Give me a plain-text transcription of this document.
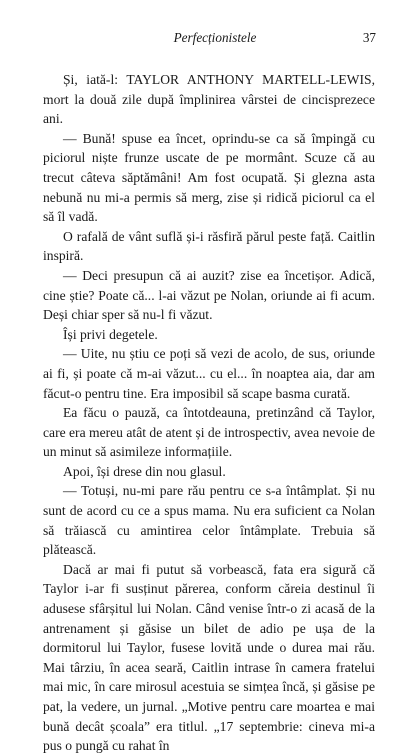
Perfecționistele	37

Și, iată-l: TAYLOR ANTHONY MARTELL-LEWIS, mort la două zile după împlinirea vârstei de cincisprezece ani.

— Bună! spuse ea încet, oprindu-se ca să împingă cu piciorul niște frunze uscate de pe mormânt. Scuze că au trecut câteva săptămâni! Am fost ocupată. Și glezna asta nebună nu mi-a permis să merg, zise și ridică piciorul ca el să îl vadă.

O rafală de vânt suflă și-i răsfiră părul peste față. Caitlin inspiră.

— Deci presupun că ai auzit? zise ea încetișor. Adică, cine știe? Poate că... l-ai văzut pe Nolan, oriunde ai fi acum. Deși chiar sper să nu-l fi văzut.

Își privi degetele.

— Uite, nu știu ce poți să vezi de acolo, de sus, oriunde ai fi, și poate că m-ai văzut... cu el... în noaptea aia, dar am făcut-o pentru tine. Era imposibil să scape basma curată.

Ea făcu o pauză, ca întotdeauna, pretinzând că Taylor, care era mereu atât de atent și de introspectiv, avea nevoie de un minut să asimileze informațiile.

Apoi, își drese din nou glasul.

— Totuși, nu-mi pare rău pentru ce s-a întâmplat. Și nu sunt de acord cu ce a spus mama. Nu era suficient ca Nolan să trăiască cu amintirea celor întâmplate. Trebuia să plătească.

Dacă ar mai fi putut să vorbească, fata era sigură că Taylor i-ar fi susținut părerea, conform căreia destinul îi adusese sfârșitul lui Nolan. Când venise într-o zi acasă de la antrenament și găsise un bilet de adio pe ușa de la dormitorul lui Taylor, fusese lovită unde o durea mai rău. Mai târziu, în acea seară, Caitlin intrase în camera fratelui mai mic, în care mirosul acestuia se simțea încă, și găsise pe pat, la vedere, un jurnal. „Motive pentru care moartea e mai bună decât școala” era titlul. „17 septembrie: cineva mi-a pus o pungă cu rahat în
